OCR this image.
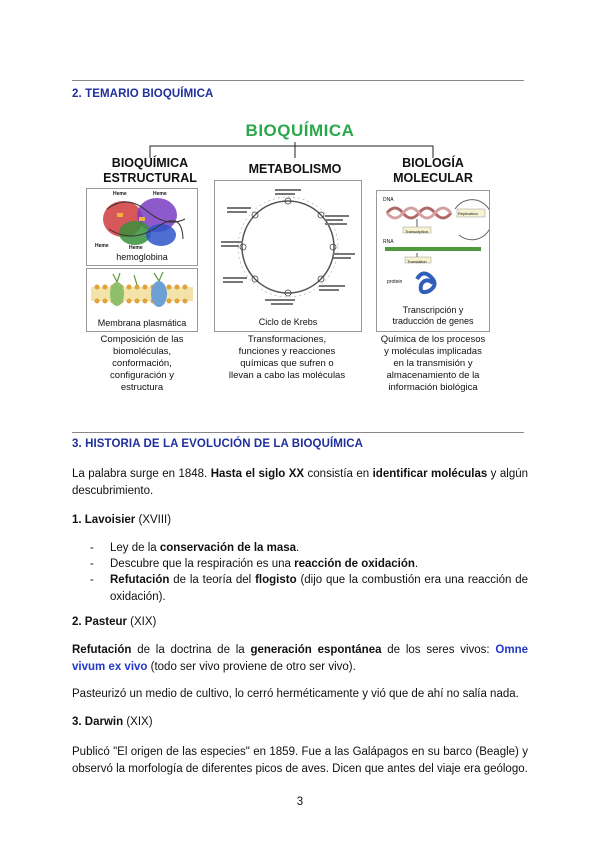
2. TEMARIO BIOQUÍMICA
BIOQUÍMICA
BIOQUÍMICA
ESTRUCTURAL
Heme	Heme
Heme	Heme
hemoglobina
Membrana plasmática
Composición de las
biomoléculas,
conformación,
configuración y
estructura
METABOLISMO
Ciclo de Krebs
Transformaciones,
funciones y reacciones
químicas que sufren o
llevan a cabo las moléculas
BIOLOGÍA
MOLECULAR
DNA
Replication
Transcription
RNA
Translation
protein
Transcripción y
traducción de genes
Química de los procesos
y moléculas implicadas
en la transmisión y
almacenamiento de la
información biológica
3. HISTORIA DE LA EVOLUCIÓN DE LA BIOQUÍMICA
La palabra surge en 1848. Hasta el siglo XX consistía en identificar moléculas y algún descubrimiento.
1. Lavoisier (XVIII)
- Ley de la conservación de la masa.
- Descubre que la respiración es una reacción de oxidación.
- Refutación de la teoría del flogisto (dijo que la combustión era una reacción de oxidación).
2. Pasteur (XIX)
Refutación de la doctrina de la generación espontánea de los seres vivos: Omne vivum ex vivo (todo ser vivo proviene de otro ser vivo).
Pasteurizó un medio de cultivo, lo cerró herméticamente y vió que de ahí no salía nada.
3. Darwin (XIX)
Publicó "El origen de las especies" en 1859. Fue a las Galápagos en su barco (Beagle) y observó la morfología de diferentes picos de aves. Dicen que antes del viaje era geólogo.
3
